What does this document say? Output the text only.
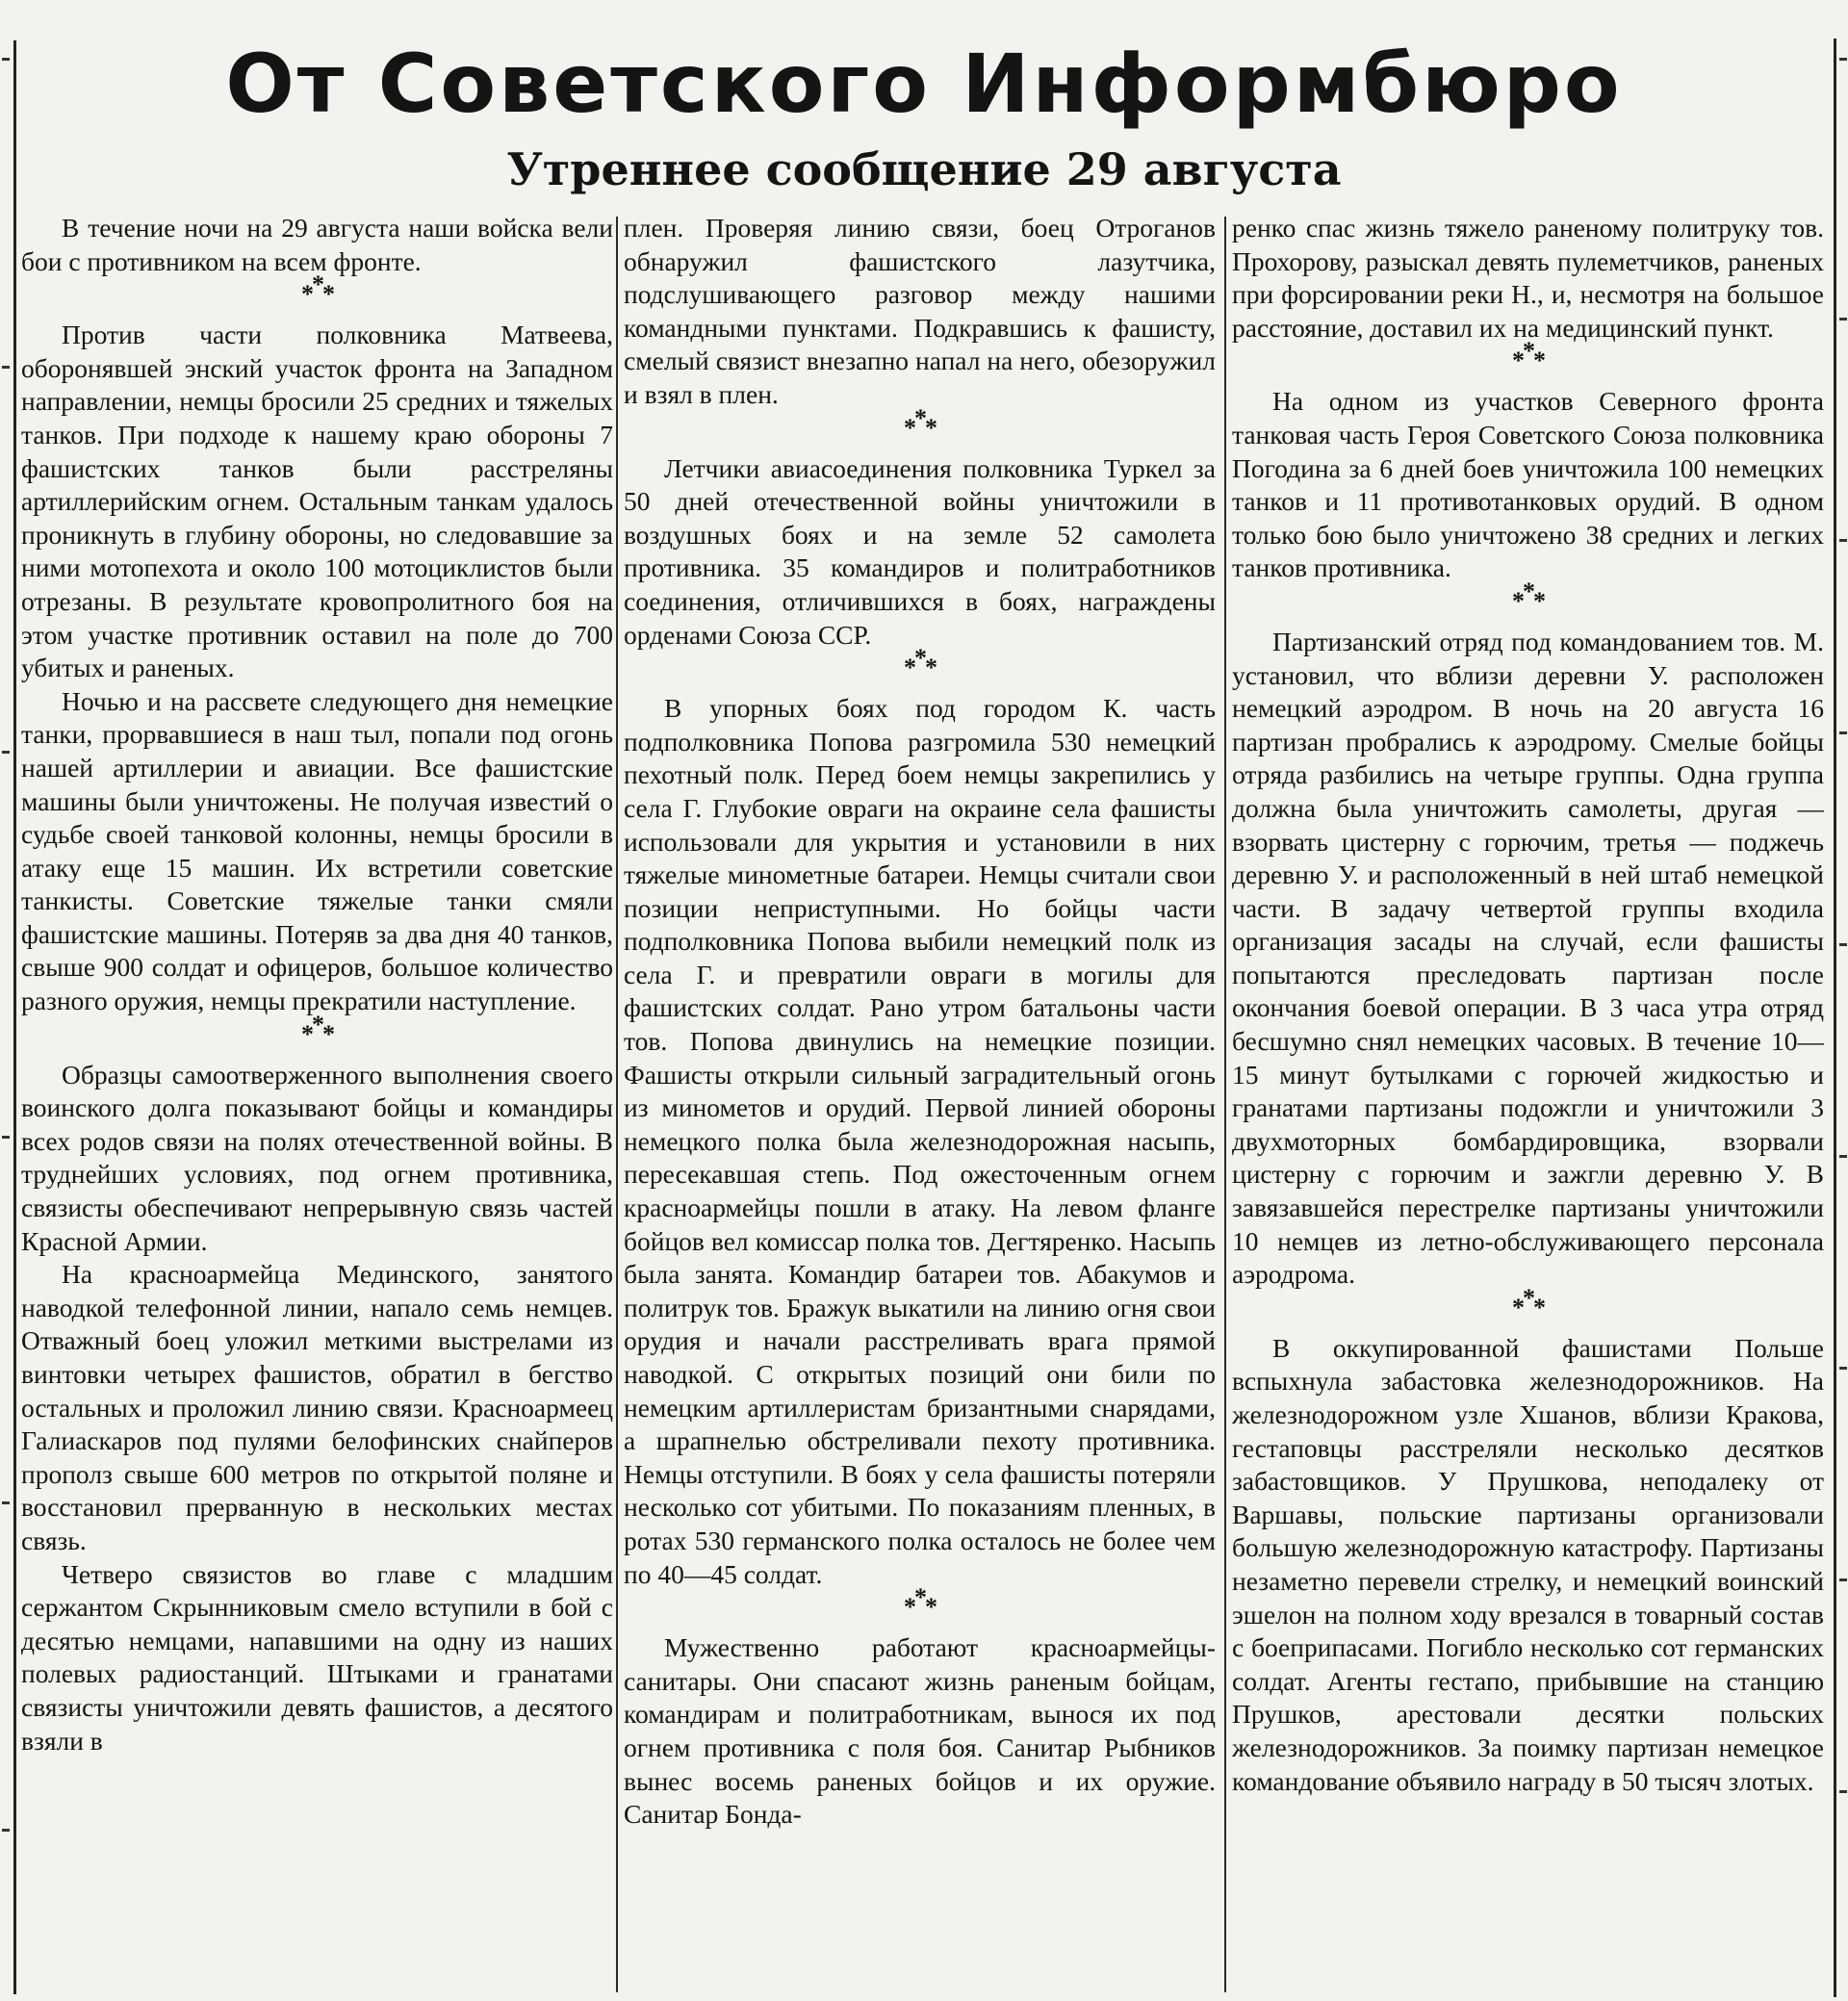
От Советского Информбюро
Утреннее сообщение 29 августа

В течение ночи на 29 августа наши войска вели бои с противником на всем фронте.

***

Против части полковника Матвеева, оборонявшей энский участок фронта на Западном направлении, немцы бросили 25 средних и тяжелых танков. При подходе к нашему краю обороны 7 фашистских танков были расстреляны артиллерийским огнем. Остальным танкам удалось проникнуть в глубину обороны, но следовавшие за ними мотопехота и около 100 мотоциклистов были отрезаны. В результате кровопролитного боя на этом участке противник оставил на поле до 700 убитых и раненых.

Ночью и на рассвете следующего дня немецкие танки, прорвавшиеся в наш тыл, попали под огонь нашей артиллерии и авиации. Все фашистские машины были уничтожены. Не получая известий о судьбе своей танковой колонны, немцы бросили в атаку еще 15 машин. Их встретили советские танкисты. Советские тяжелые танки смяли фашистские машины. Потеряв за два дня 40 танков, свыше 900 солдат и офицеров, большое количество разного оружия, немцы прекратили наступление.

***

Образцы самоотверженного выполнения своего воинского долга показывают бойцы и командиры всех родов связи на полях отечественной войны. В труднейших условиях, под огнем противника, связисты обеспечивают непрерывную связь частей Красной Армии.

На красноармейца Мединского, занятого наводкой телефонной линии, напало семь немцев. Отважный боец уложил меткими выстрелами из винтовки четырех фашистов, обратил в бегство остальных и проложил линию связи. Красноармеец Галиаскаров под пулями белофинских снайперов прополз свыше 600 метров по открытой поляне и восстановил прерванную в нескольких местах связь.

Четверо связистов во главе с младшим сержантом Скрынниковым смело вступили в бой с десятью немцами, напавшими на одну из наших полевых радиостанций. Штыками и гранатами связисты уничтожили девять фашистов, а десятого взяли в

плен. Проверяя линию связи, боец Отроганов обнаружил фашистского лазутчика, подслушивающего разговор между нашими командными пунктами. Подкравшись к фашисту, смелый связист внезапно напал на него, обезоружил и взял в плен.

***

Летчики авиасоединения полковника Туркел за 50 дней отечественной войны уничтожили в воздушных боях и на земле 52 самолета противника. 35 командиров и политработников соединения, отличившихся в боях, награждены орденами Союза ССР.

***

В упорных боях под городом К. часть подполковника Попова разгромила 530 немецкий пехотный полк. Перед боем немцы закрепились у села Г. Глубокие овраги на окраине села фашисты использовали для укрытия и установили в них тяжелые минометные батареи. Немцы считали свои позиции неприступными. Но бойцы части подполковника Попова выбили немецкий полк из села Г. и превратили овраги в могилы для фашистских солдат. Рано утром батальоны части тов. Попова двинулись на немецкие позиции. Фашисты открыли сильный заградительный огонь из минометов и орудий. Первой линией обороны немецкого полка была железнодорожная насыпь, пересекавшая степь. Под ожесточенным огнем красноармейцы пошли в атаку. На левом фланге бойцов вел комиссар полка тов. Дегтяренко. Насыпь была занята. Командир батареи тов. Абакумов и политрук тов. Бражук выкатили на линию огня свои орудия и начали расстреливать врага прямой наводкой. С открытых позиций они били по немецким артиллеристам бризантными снарядами, а шрапнелью обстреливали пехоту противника. Немцы отступили. В боях у села фашисты потеряли несколько сот убитыми. По показаниям пленных, в ротах 530 германского полка осталось не более чем по 40—45 солдат.

***

Мужественно работают красноармейцы-санитары. Они спасают жизнь раненым бойцам, командирам и политработникам, вынося их под огнем противника с поля боя. Санитар Рыбников вынес восемь раненых бойцов и их оружие. Санитар Бонда-

ренко спас жизнь тяжело раненому политруку тов. Прохорову, разыскал девять пулеметчиков, раненых при форсировании реки Н., и, несмотря на большое расстояние, доставил их на медицинский пункт.

***

На одном из участков Северного фронта танковая часть Героя Советского Союза полковника Погодина за 6 дней боев уничтожила 100 немецких танков и 11 противотанковых орудий. В одном только бою было уничтожено 38 средних и легких танков противника.

***

Партизанский отряд под командованием тов. М. установил, что вблизи деревни У. расположен немецкий аэродром. В ночь на 20 августа 16 партизан пробрались к аэродрому. Смелые бойцы отряда разбились на четыре группы. Одна группа должна была уничтожить самолеты, другая — взорвать цистерну с горючим, третья — поджечь деревню У. и расположенный в ней штаб немецкой части. В задачу четвертой группы входила организация засады на случай, если фашисты попытаются преследовать партизан после окончания боевой операции. В 3 часа утра отряд бесшумно снял немецких часовых. В течение 10—15 минут бутылками с горючей жидкостью и гранатами партизаны подожгли и уничтожили 3 двухмоторных бомбардировщика, взорвали цистерну с горючим и зажгли деревню У. В завязавшейся перестрелке партизаны уничтожили 10 немцев из летно-обслуживающего персонала аэродрома.

***

В оккупированной фашистами Польше вспыхнула забастовка железнодорожников. На железнодорожном узле Хшанов, вблизи Кракова, гестаповцы расстреляли несколько десятков забастовщиков. У Прушкова, неподалеку от Варшавы, польские партизаны организовали большую железнодорожную катастрофу. Партизаны незаметно перевели стрелку, и немецкий воинский эшелон на полном ходу врезался в товарный состав с боеприпасами. Погибло несколько сот германских солдат. Агенты гестапо, прибывшие на станцию Прушков, арестовали десятки польских железнодорожников. За поимку партизан немецкое командование объявило награду в 50 тысяч злотых.
